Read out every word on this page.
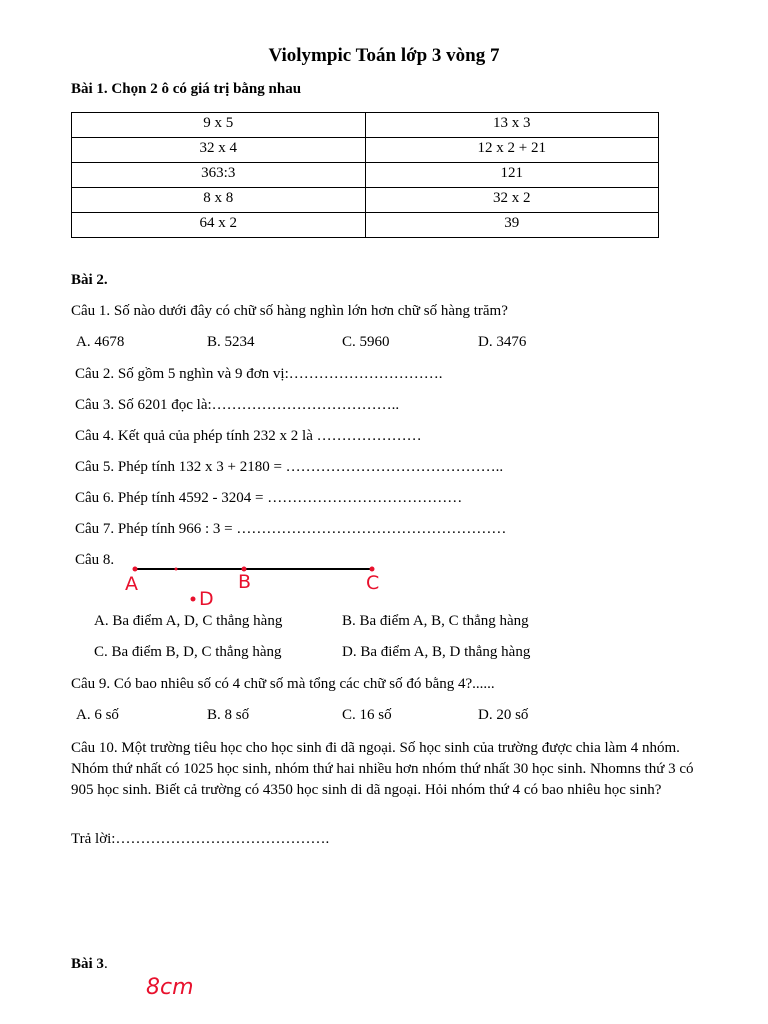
Violympic Toán lớp 3 vòng 7
Bài 1. Chọn 2 ô có giá trị bằng nhau
9 x 5	13 x 3
32 x 4	12 x 2 + 21
363:3	121
8 x 8	32 x 2
64 x 2	39
Bài 2.
Câu 1. Số nào dưới đây có chữ số hàng nghìn lớn hơn chữ số hàng trăm?
A. 4678	B. 5234	C. 5960	D. 3476
Câu 2. Số gồm 5 nghìn và 9 đơn vị:………………………….
Câu 3. Số 6201 đọc là:………………………………..
Câu 4. Kết quả của phép tính 232 x 2 là …………………
Câu 5. Phép tính 132 x 3 + 2180 = ……………………………………..
Câu 6. Phép tính 4592 - 3204 = …………………………………
Câu 7. Phép tính 966 : 3 = ………………………………………………
Câu 8.
A	B	C
D
8cm
A. Ba điểm A, D, C thẳng hàng	B. Ba điểm A, B, C thẳng hàng
C. Ba điểm B, D, C thẳng hàng	D. Ba điểm A, B, D thẳng hàng
Câu 9. Có bao nhiêu số có 4 chữ số mà tổng các chữ số đó bằng 4?......
A. 6 số	B. 8 số	C. 16 số	D. 20 số
Câu 10. Một trường tiêu học cho học sinh đi dã ngoại. Số học sinh của trường được chia làm 4 nhóm. Nhóm thứ nhất có 1025 học sinh, nhóm thứ hai nhiều hơn nhóm thứ nhất 30 học sinh. Nhomns thứ 3 có 905 học sinh. Biết cả trường có 4350 học sinh di dã ngoại. Hỏi nhóm thứ 4 có bao nhiêu học sinh?
Trả lời:…………………………………….
Bài 3.
